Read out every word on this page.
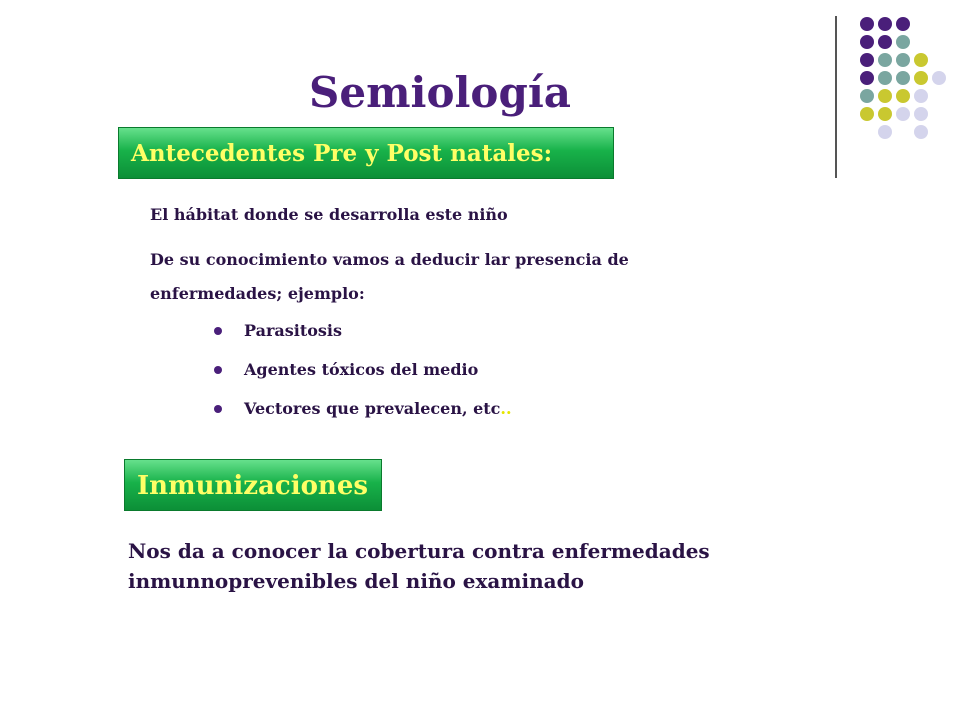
Semiología
Antecedentes Pre y Post natales:
El hábitat donde se desarrolla este niño
De su conocimiento vamos a deducir lar presencia de enfermedades; ejemplo:
Parasitosis
Agentes tóxicos del medio
Vectores que prevalecen, etc..
Inmunizaciones
Nos da a conocer la cobertura contra enfermedades inmunnoprevenibles del niño examinado
